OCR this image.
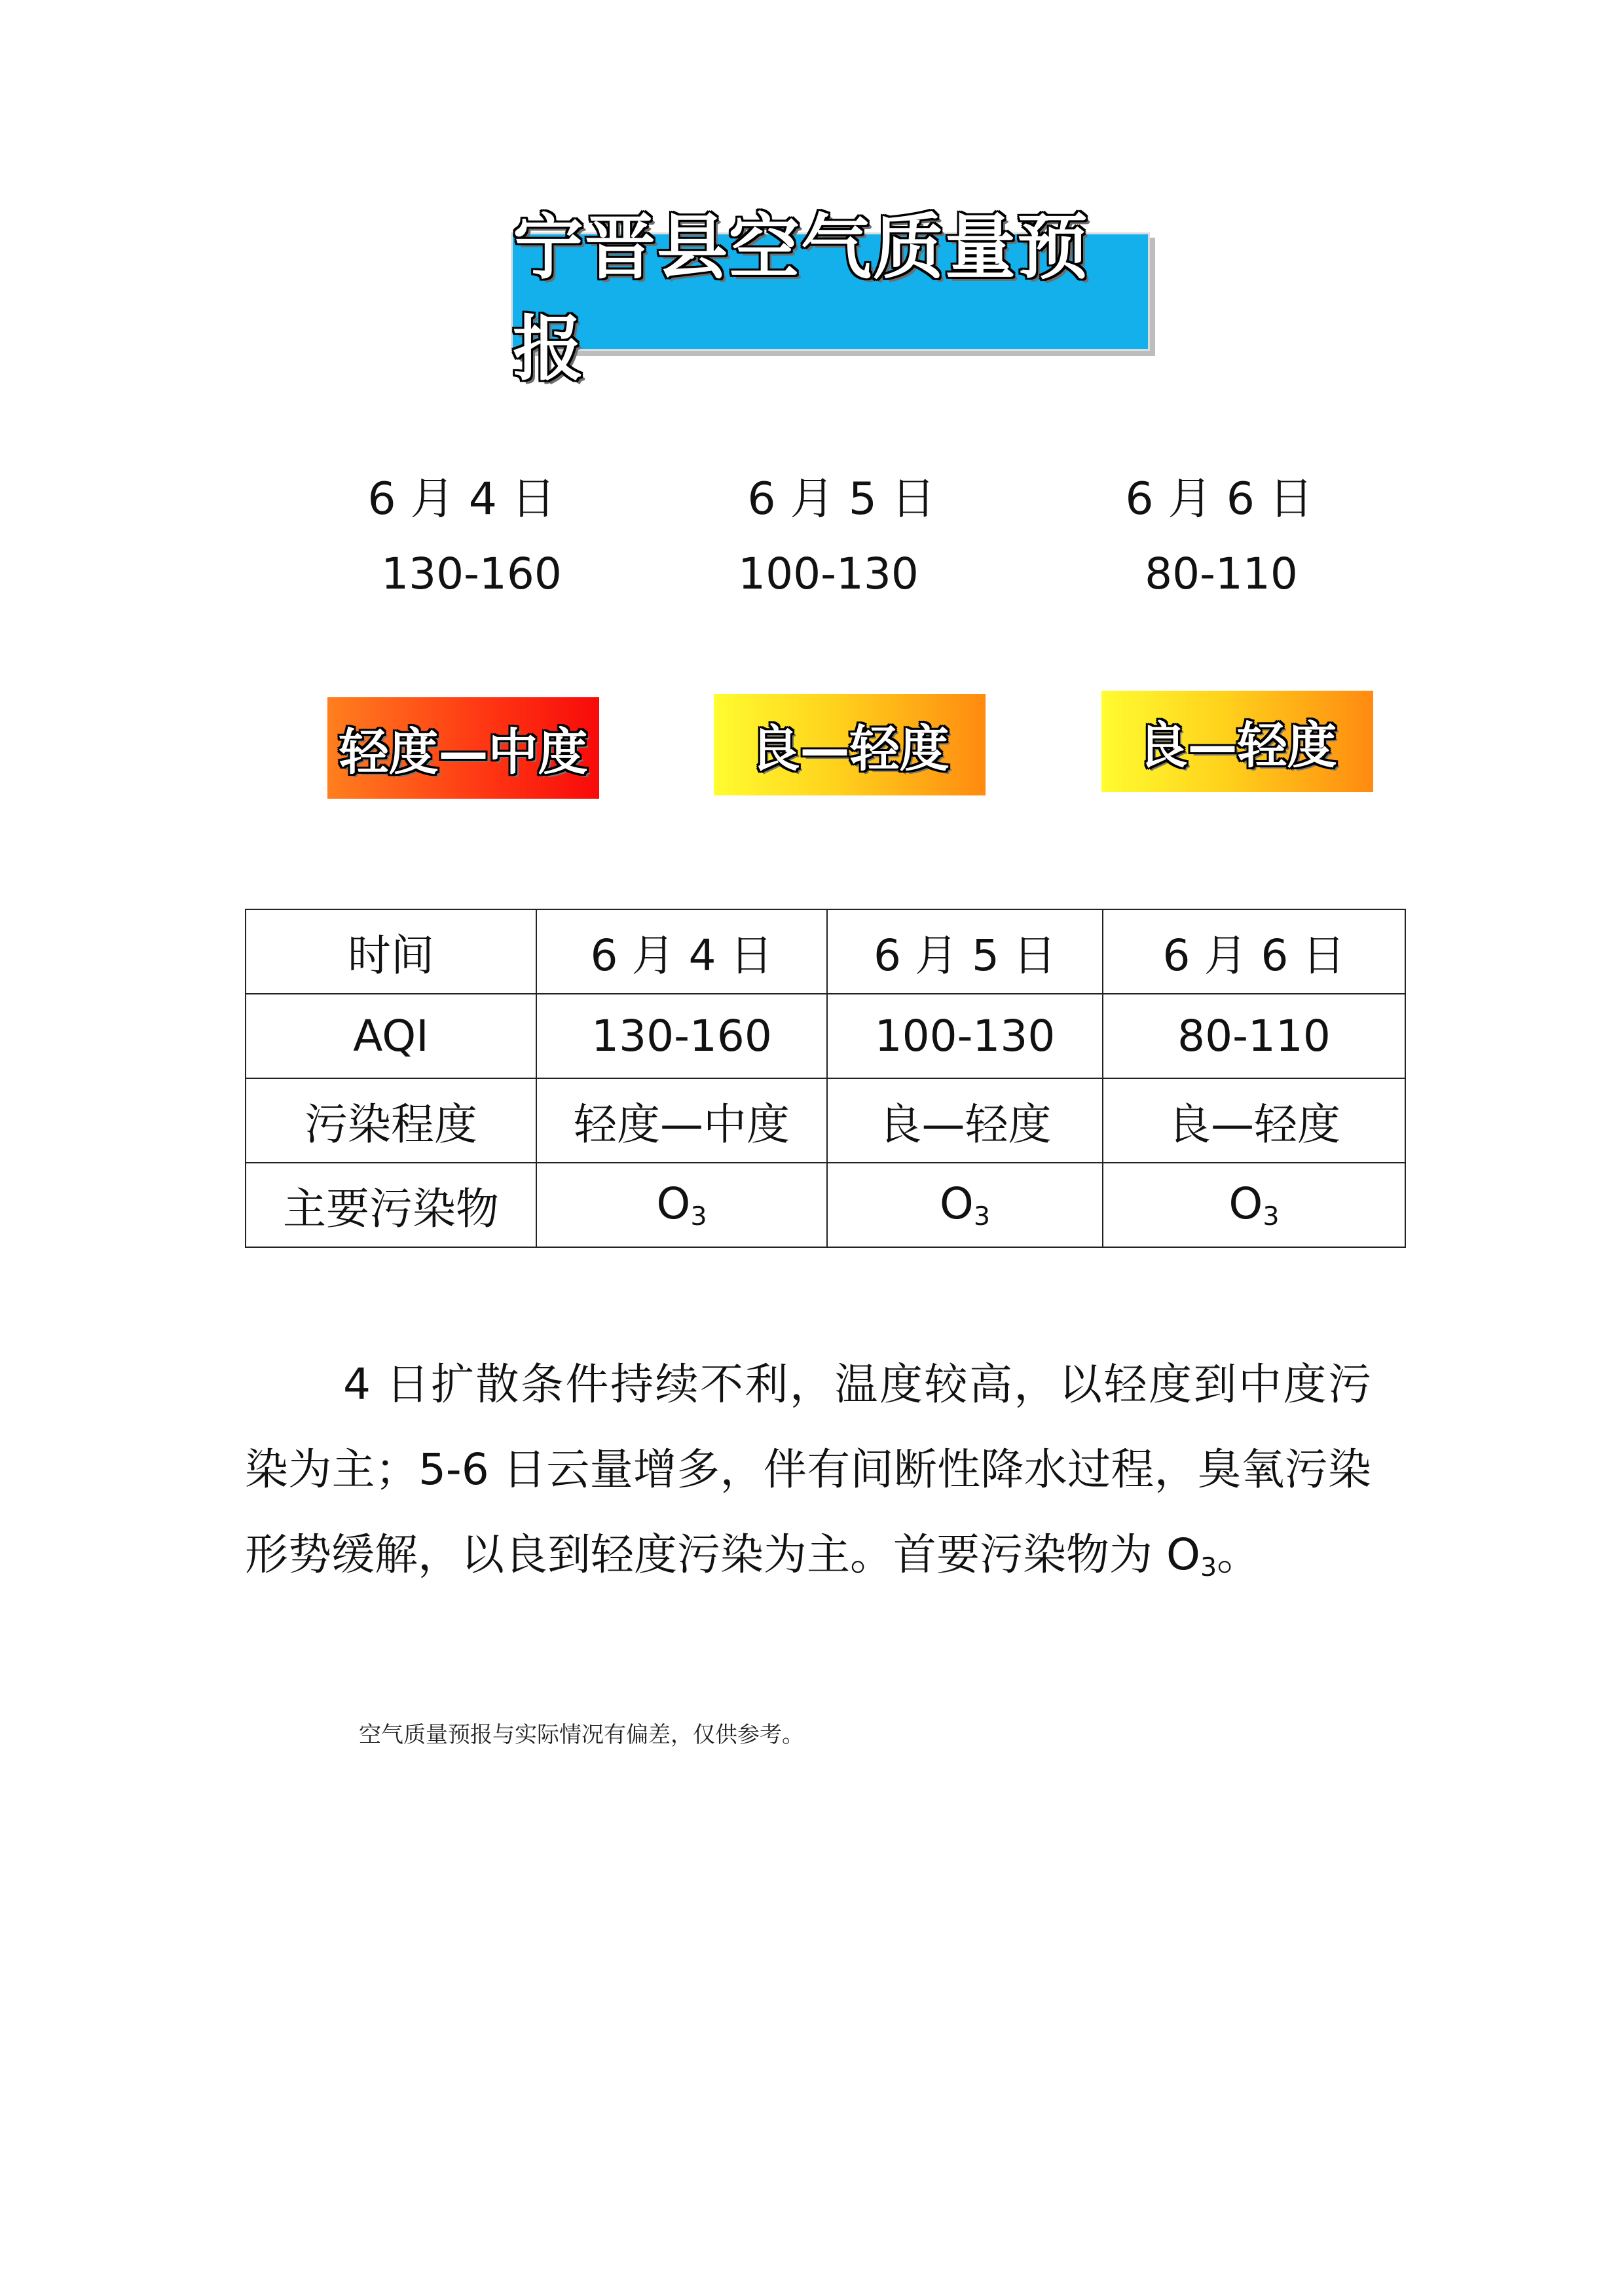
宁晋县空气质量预报
6 月 4 日	6 月 5 日	6 月 6 日
130-160	100-130	80-110
轻度—中度	良—轻度	良—轻度
时间	6 月 4 日	6 月 5 日	6 月 6 日
AQI	130-160	100-130	80-110
污染程度	轻度—中度	良—轻度	良—轻度
主要污染物	$O_3$	$O_3$	$O_3$
4 日扩散条件持续不利，温度较高，以轻度到中度污染为主；5-6 日云量增多，伴有间断性降水过程，臭氧污染形势缓解，以良到轻度污染为主。首要污染物为 $O_3$。
空气质量预报与实际情况有偏差，仅供参考。
